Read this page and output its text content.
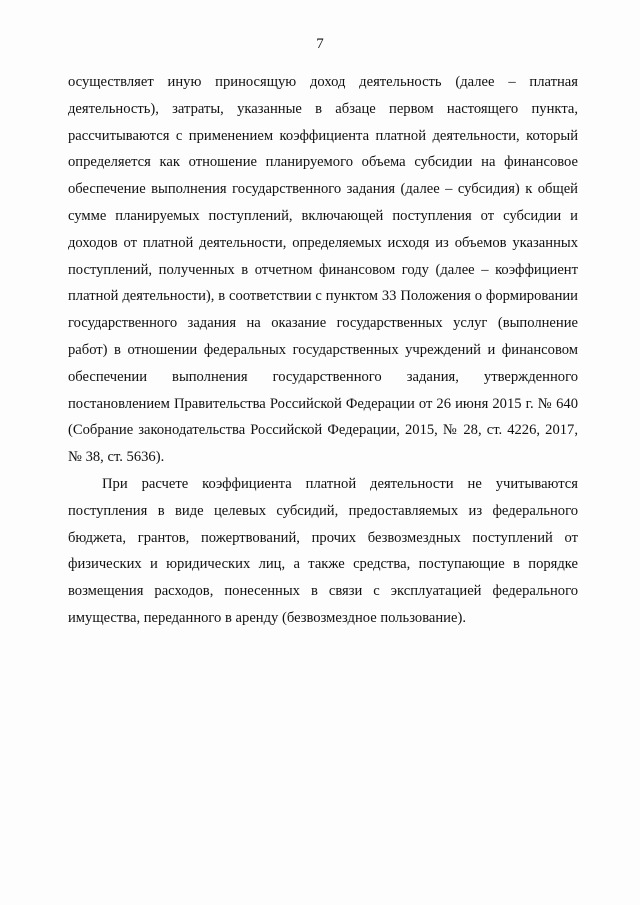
7

осуществляет иную приносящую доход деятельность (далее – платная деятельность), затраты, указанные в абзаце первом настоящего пункта, рассчитываются с применением коэффициента платной деятельности, который определяется как отношение планируемого объема субсидии на финансовое обеспечение выполнения государственного задания (далее – субсидия) к общей сумме планируемых поступлений, включающей поступления от субсидии и доходов от платной деятельности, определяемых исходя из объемов указанных поступлений, полученных в отчетном финансовом году (далее – коэффициент платной деятельности), в соответствии с пунктом 33 Положения о формировании государственного задания на оказание государственных услуг (выполнение работ) в отношении федеральных государственных учреждений и финансовом обеспечении выполнения государственного задания, утвержденного постановлением Правительства Российской Федерации от 26 июня 2015 г. № 640 (Собрание законодательства Российской Федерации, 2015, № 28, ст. 4226, 2017, № 38, ст. 5636).

При расчете коэффициента платной деятельности не учитываются поступления в виде целевых субсидий, предоставляемых из федерального бюджета, грантов, пожертвований, прочих безвозмездных поступлений от физических и юридических лиц, а также средства, поступающие в порядке возмещения расходов, понесенных в связи с эксплуатацией федерального имущества, переданного в аренду (безвозмездное пользование).
